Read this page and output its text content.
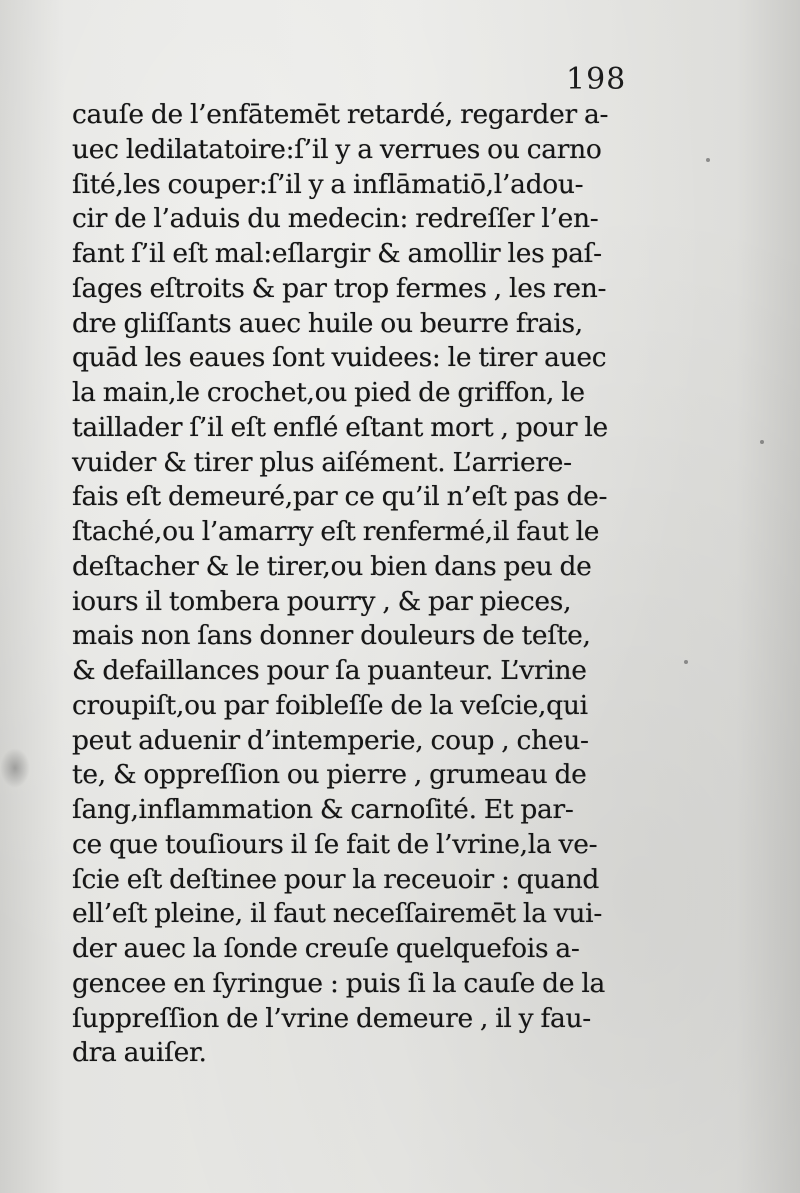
198
cauſe de l’enfātemēt retardé, regarder a-
uec ledilatatoire:ſ’il y a verrues ou carno
ſité,les couper:ſ’il y a inflāmatiō,l’adou-
cir de l’aduis du medecin: redreſſer l’en-
fant ſ’il eſt mal:eſlargir & amollir les paſ-
ſages eſtroits & par trop fermes , les ren-
dre gliſſants auec huile ou beurre frais,
quād les eaues ſont vuidees: le tirer auec
la main,le crochet,ou pied de griffon, le
taillader ſ’il eſt enflé eſtant mort , pour le
vuider & tirer plus aiſément. L’arriere-
fais eſt demeuré,par ce qu’il n’eſt pas de-
ſtaché,ou l’amarry eſt renfermé,il faut le
deſtacher & le tirer,ou bien dans peu de
iours il tombera pourry , & par pieces,
mais non ſans donner douleurs de teſte,
& defaillances pour ſa puanteur. L’vrine
croupiſt,ou par foibleſſe de la veſcie,qui
peut aduenir d’intemperie, coup , cheu-
te, & oppreſſion ou pierre , grumeau de
ſang,inflammation & carnoſité. Et par-
ce que touſiours il ſe fait de l’vrine,la ve-
ſcie eſt deſtinee pour la receuoir : quand
ell’eſt pleine, il faut neceſſairemēt la vui-
der auec la ſonde creuſe quelquefois a-
gencee en ſyringue : puis ſi la cauſe de la
ſuppreſſion de l’vrine demeure , il y fau-
dra auiſer.
